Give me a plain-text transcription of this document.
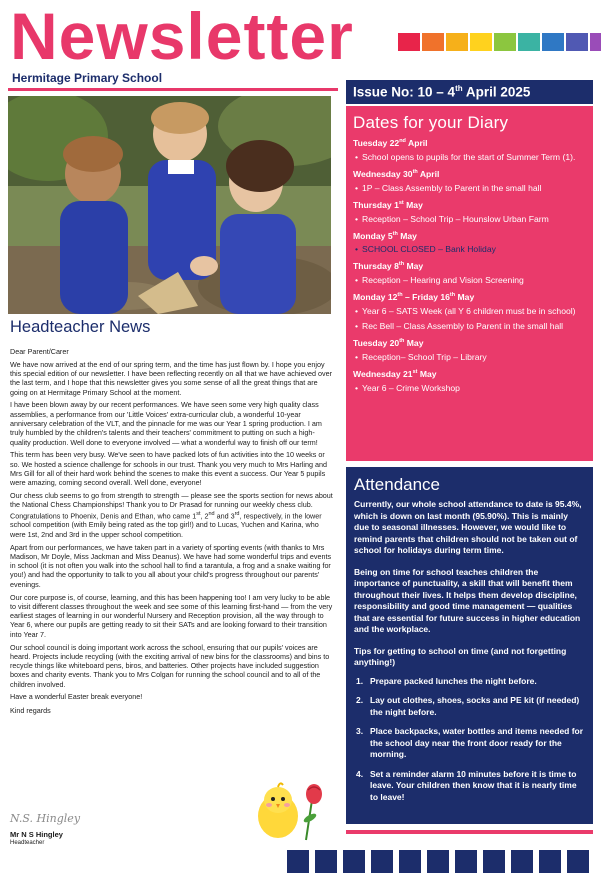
Newsletter
Hermitage Primary School
Headteacher News

Dear Parent/Carer

We have now arrived at the end of our spring term, and the time has just flown by. I hope you enjoy this special edition of our newsletter. I have been reflecting recently on all that we have achieved over the last term, and I hope that this newsletter gives you some sense of all the great things that are going on at Hermitage Primary School at the moment.

I have been blown away by our recent performances. We have seen some very high quality class assemblies, a performance from our 'Little Voices' extra-curricular club, a wonderful 10-year anniversary celebration of the VLT, and the pinnacle for me was our Year 1 spring production. I am truly humbled by the children's talents and their teachers' commitment to putting on such a high-quality production. Well done to everyone involved — what a wonderful way to finish off our term!

This term has been very busy. We've seen to have packed lots of fun activities into the 10 weeks or so. We hosted a science challenge for schools in our trust. Thank you very much to Mrs Harling and Mrs Gill for all of their hard work behind the scenes to make this event a success. Our Year 5 pupils were amazing, coming second overall. Well done, everyone!

Our chess club seems to go from strength to strength — please see the sports section for news about the National Chess Championships! Thank you to Dr Prasad for running our weekly chess club. Congratulations to Phoenix, Denis and Ethan, who came 1st, 2nd and 3rd, respectively, in the lower school competition (with Emily being rated as the top girl!) and to Lucas, Yuchen and Karina, who were 1st, 2nd and 3rd in the upper school competition.

Apart from our performances, we have taken part in a variety of sporting events (with thanks to Mrs Madison, Mr Doyle, Miss Jackman and Miss Deanus). We have had some wonderful trips and events in school (it is not often you walk into the school hall to find a tarantula, a frog and a snake waiting for you!) and had the opportunity to talk to you all about your child's progress throughout our parents' evenings.

Our core purpose is, of course, learning, and this has been happening too! I am very lucky to be able to visit different classes throughout the week and see some of this learning first-hand — from the very earliest stages of learning in our wonderful Nursery and Reception provision, all the way through to Year 6, where our pupils are getting ready to sit their SATs and are looking forward to their transition into Year 7.

Our school council is doing important work across the school, ensuring that our pupils' voices are heard. Projects include recycling (with the exciting arrival of new bins for the classrooms) and bins to recycle things like whiteboard pens, biros, and batteries. Other projects have included suggestion boxes and charity events. Thank you to Mrs Colgan for running the school council and to all of the children involved.

Have a wonderful Easter break everyone!

Kind regards

N.S. Hingley
Mr N S Hingley
Headteacher
Issue No: 10 – 4th April 2025
Dates for your Diary
Tuesday 22nd April
• School opens to pupils for the start of Summer Term (1).
Wednesday 30th April
• 1P – Class Assembly to Parent in the small hall
Thursday 1st May
• Reception – School Trip – Hounslow Urban Farm
Monday 5th May
• SCHOOL CLOSED – Bank Holiday
Thursday 8th May
• Reception – Hearing and Vision Screening
Monday 12th – Friday 16th May
• Year 6 – SATS Week (all Y 6 children must be in school)
• Rec Bell – Class Assembly to Parent in the small hall
Tuesday 20th May
• Reception– School Trip – Library
Wednesday 21st May
• Year 6 – Crime Workshop
Attendance

Currently, our whole school attendance to date is 95.4%, which is down on last month (95.90%). This is mainly due to seasonal illnesses. However, we would like to remind parents that children should not be taken out of school for holidays during term time.

Being on time for school teaches children the importance of punctuality, a skill that will benefit them throughout their lives. It helps them develop discipline, responsibility and good time management — qualities that are essential for future success in higher education and the workplace.

Tips for getting to school on time (and not forgetting anything!)

1. Prepare packed lunches the night before.
2. Lay out clothes, shoes, socks and PE kit (if needed) the night before.
3. Place backpacks, water bottles and items needed for the school day near the front door ready for the morning.
4. Set a reminder alarm 10 minutes before it is time to leave. Your children then know that it is nearly time to leave!
